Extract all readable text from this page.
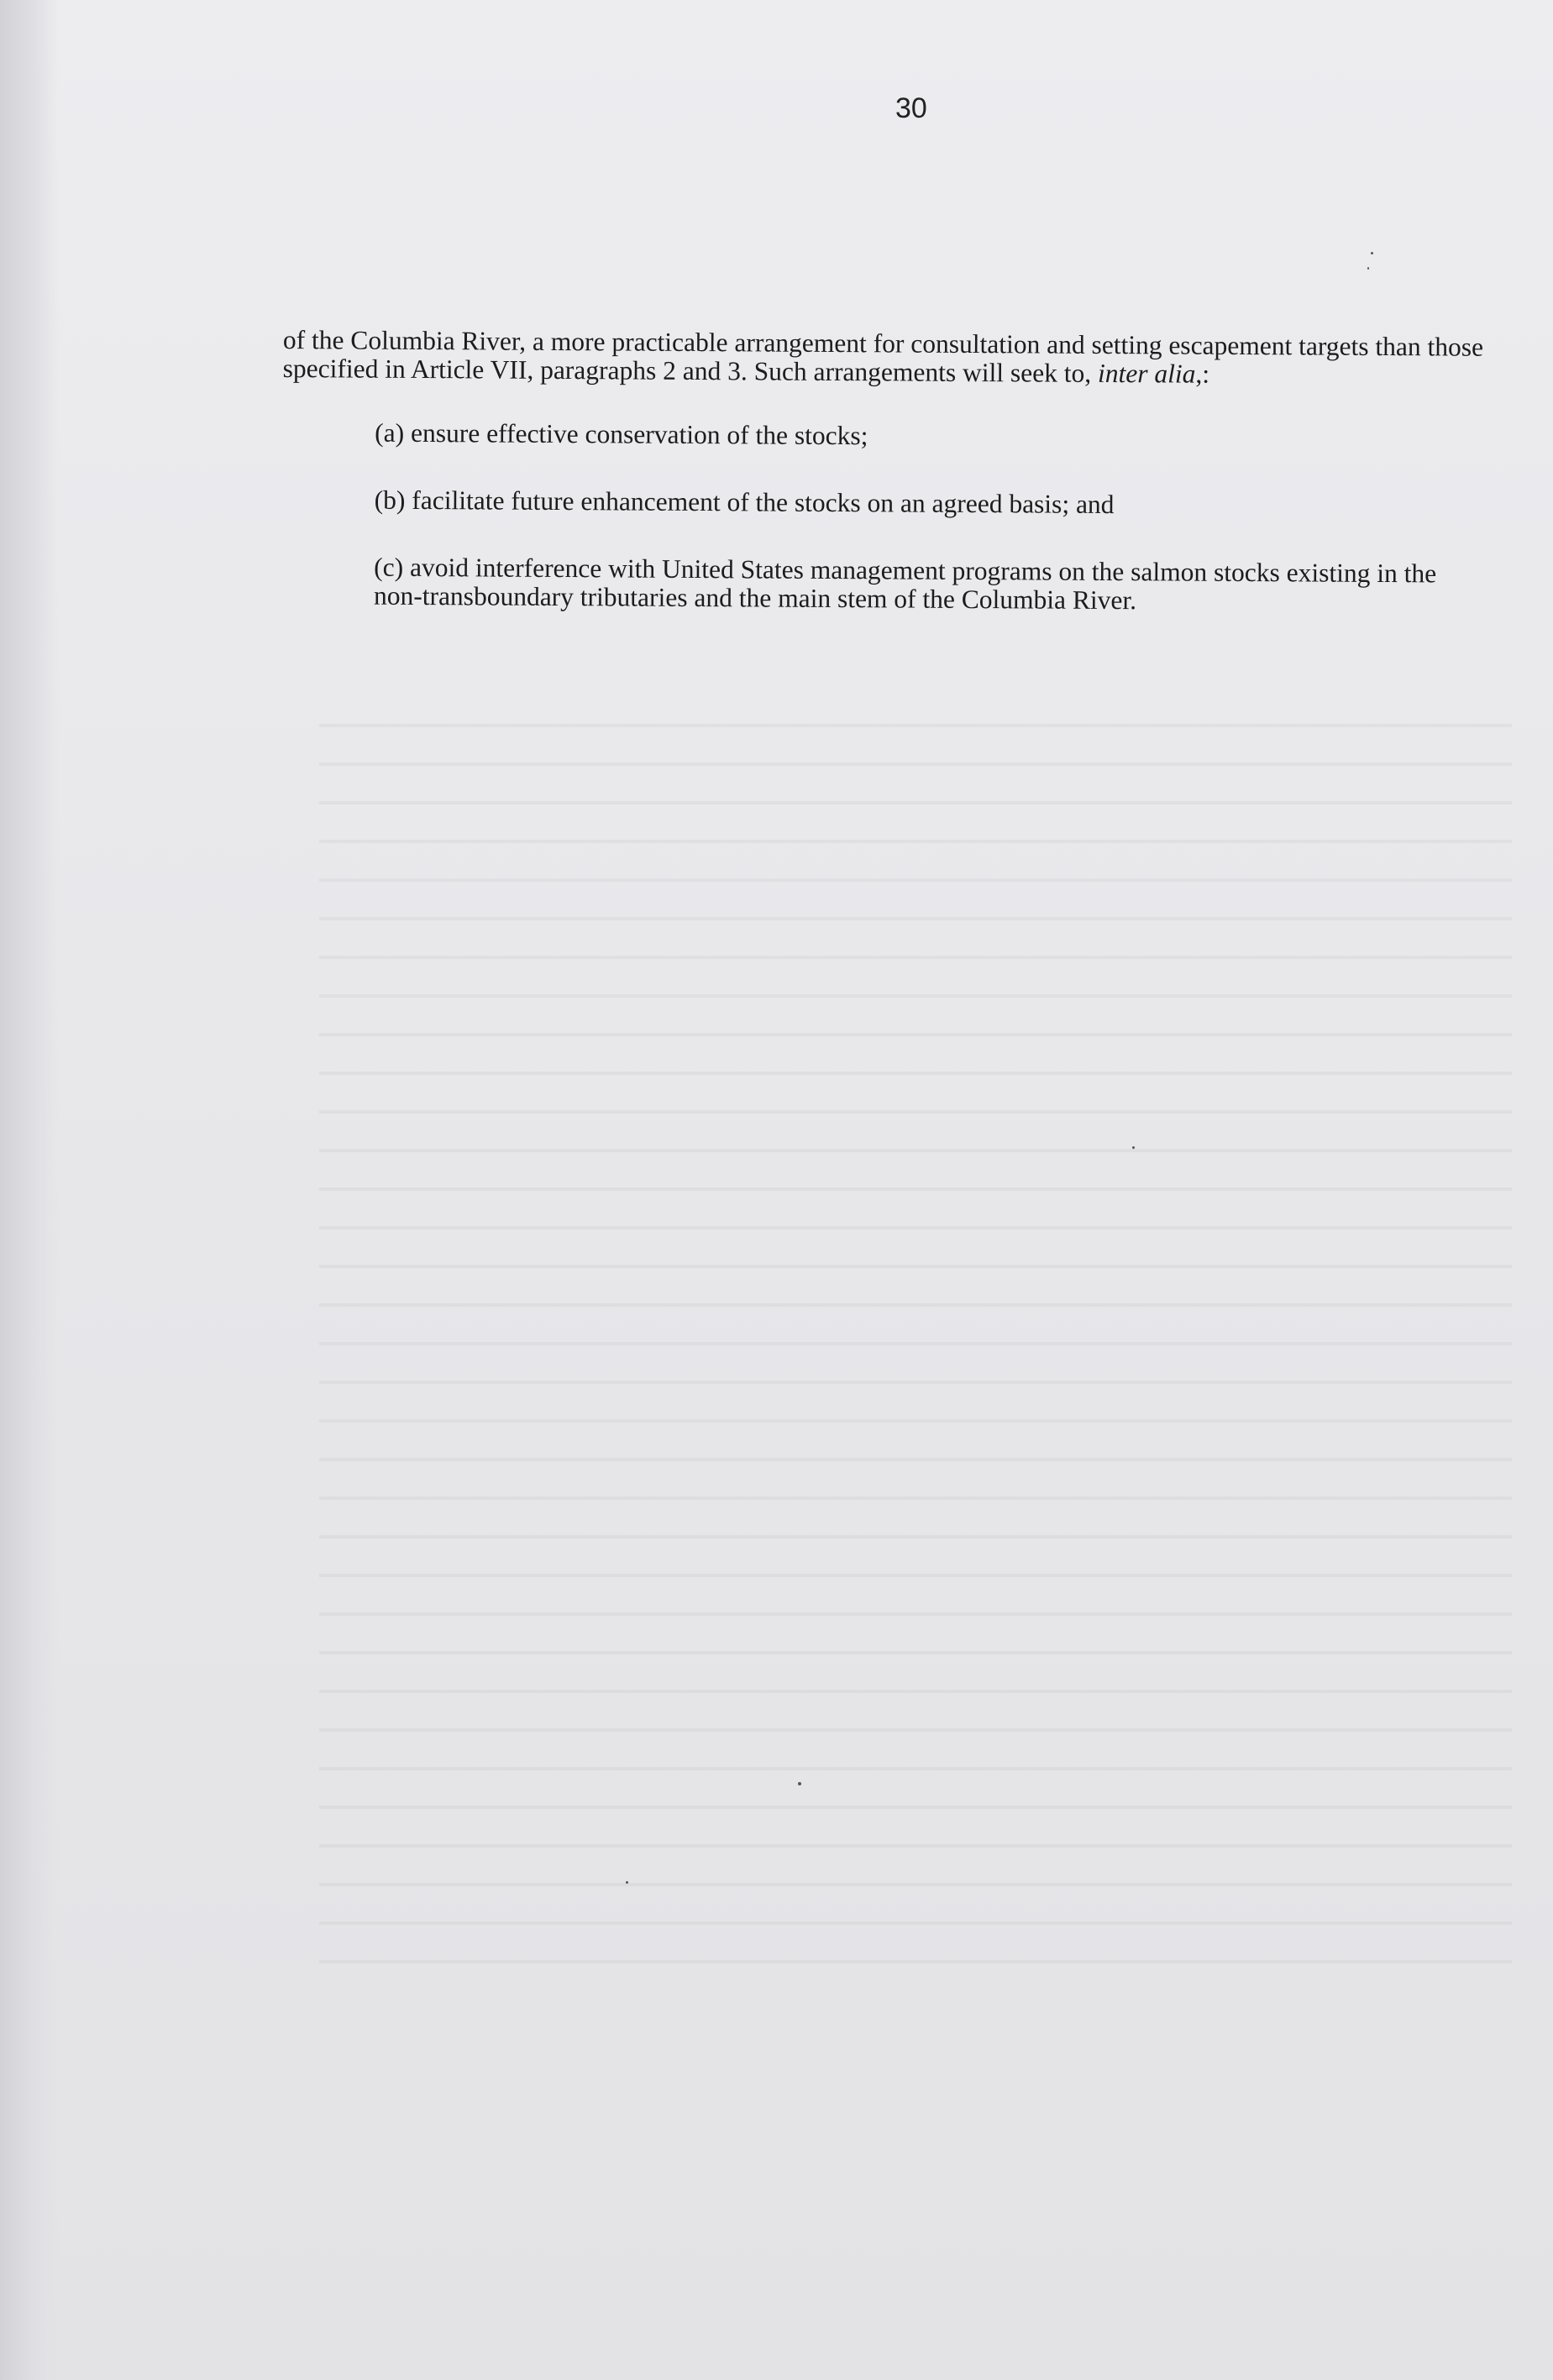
30

of the Columbia River, a more practicable arrangement for consultation and setting escapement targets than those specified in Article VII, paragraphs 2 and 3. Such arrangements will seek to, inter alia,:

(a) ensure effective conservation of the stocks;

(b) facilitate future enhancement of the stocks on an agreed basis; and

(c) avoid interference with United States management programs on the salmon stocks existing in the non-transboundary tributaries and the main stem of the Columbia River.
